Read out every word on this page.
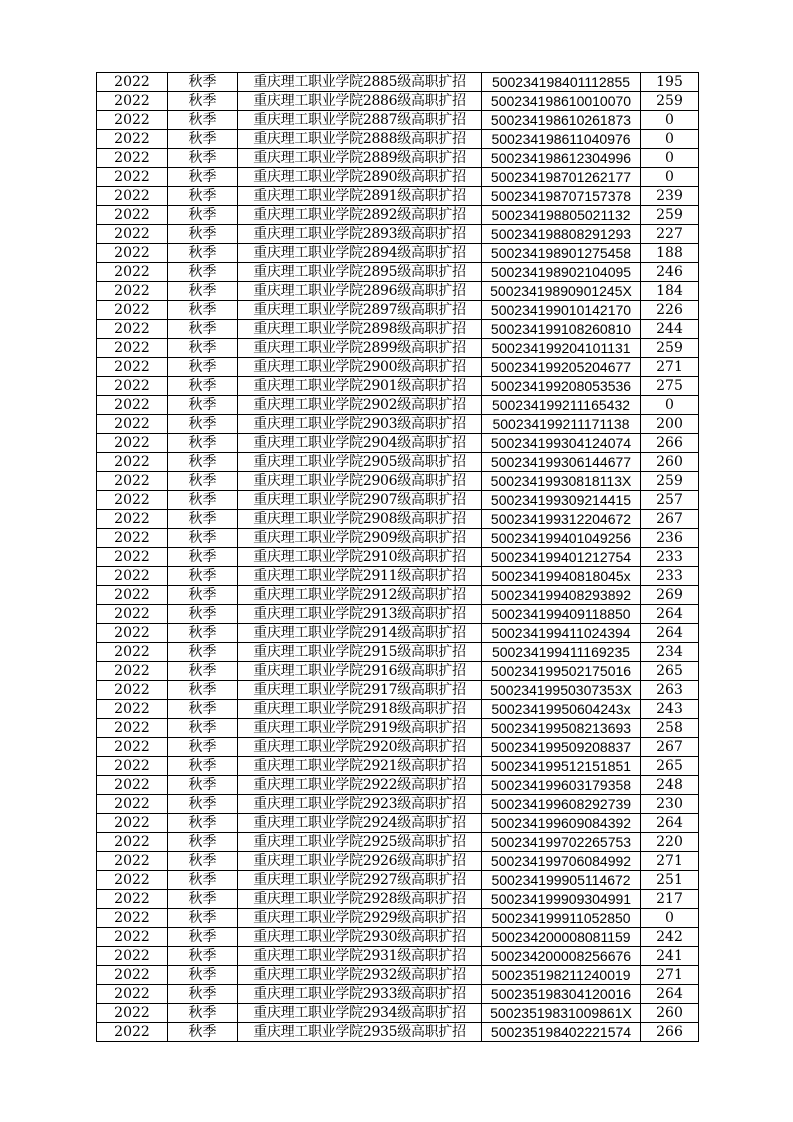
2022	秋季	重庆理工职业学院2885级高职扩招	500234198401112855	195
2022	秋季	重庆理工职业学院2886级高职扩招	500234198610010070	259
2022	秋季	重庆理工职业学院2887级高职扩招	500234198610261873	0
2022	秋季	重庆理工职业学院2888级高职扩招	500234198611040976	0
2022	秋季	重庆理工职业学院2889级高职扩招	500234198612304996	0
2022	秋季	重庆理工职业学院2890级高职扩招	500234198701262177	0
2022	秋季	重庆理工职业学院2891级高职扩招	500234198707157378	239
2022	秋季	重庆理工职业学院2892级高职扩招	500234198805021132	259
2022	秋季	重庆理工职业学院2893级高职扩招	500234198808291293	227
2022	秋季	重庆理工职业学院2894级高职扩招	500234198901275458	188
2022	秋季	重庆理工职业学院2895级高职扩招	500234198902104095	246
2022	秋季	重庆理工职业学院2896级高职扩招	50023419890901245X	184
2022	秋季	重庆理工职业学院2897级高职扩招	500234199010142170	226
2022	秋季	重庆理工职业学院2898级高职扩招	500234199108260810	244
2022	秋季	重庆理工职业学院2899级高职扩招	500234199204101131	259
2022	秋季	重庆理工职业学院2900级高职扩招	500234199205204677	271
2022	秋季	重庆理工职业学院2901级高职扩招	500234199208053536	275
2022	秋季	重庆理工职业学院2902级高职扩招	500234199211165432	0
2022	秋季	重庆理工职业学院2903级高职扩招	500234199211171138	200
2022	秋季	重庆理工职业学院2904级高职扩招	500234199304124074	266
2022	秋季	重庆理工职业学院2905级高职扩招	500234199306144677	260
2022	秋季	重庆理工职业学院2906级高职扩招	50023419930818113X	259
2022	秋季	重庆理工职业学院2907级高职扩招	500234199309214415	257
2022	秋季	重庆理工职业学院2908级高职扩招	500234199312204672	267
2022	秋季	重庆理工职业学院2909级高职扩招	500234199401049256	236
2022	秋季	重庆理工职业学院2910级高职扩招	500234199401212754	233
2022	秋季	重庆理工职业学院2911级高职扩招	50023419940818045x	233
2022	秋季	重庆理工职业学院2912级高职扩招	500234199408293892	269
2022	秋季	重庆理工职业学院2913级高职扩招	500234199409118850	264
2022	秋季	重庆理工职业学院2914级高职扩招	500234199411024394	264
2022	秋季	重庆理工职业学院2915级高职扩招	500234199411169235	234
2022	秋季	重庆理工职业学院2916级高职扩招	500234199502175016	265
2022	秋季	重庆理工职业学院2917级高职扩招	50023419950307353X	263
2022	秋季	重庆理工职业学院2918级高职扩招	50023419950604243x	243
2022	秋季	重庆理工职业学院2919级高职扩招	500234199508213693	258
2022	秋季	重庆理工职业学院2920级高职扩招	500234199509208837	267
2022	秋季	重庆理工职业学院2921级高职扩招	500234199512151851	265
2022	秋季	重庆理工职业学院2922级高职扩招	500234199603179358	248
2022	秋季	重庆理工职业学院2923级高职扩招	500234199608292739	230
2022	秋季	重庆理工职业学院2924级高职扩招	500234199609084392	264
2022	秋季	重庆理工职业学院2925级高职扩招	500234199702265753	220
2022	秋季	重庆理工职业学院2926级高职扩招	500234199706084992	271
2022	秋季	重庆理工职业学院2927级高职扩招	500234199905114672	251
2022	秋季	重庆理工职业学院2928级高职扩招	500234199909304991	217
2022	秋季	重庆理工职业学院2929级高职扩招	500234199911052850	0
2022	秋季	重庆理工职业学院2930级高职扩招	500234200008081159	242
2022	秋季	重庆理工职业学院2931级高职扩招	500234200008256676	241
2022	秋季	重庆理工职业学院2932级高职扩招	500235198211240019	271
2022	秋季	重庆理工职业学院2933级高职扩招	500235198304120016	264
2022	秋季	重庆理工职业学院2934级高职扩招	50023519831009861X	260
2022	秋季	重庆理工职业学院2935级高职扩招	500235198402221574	266
